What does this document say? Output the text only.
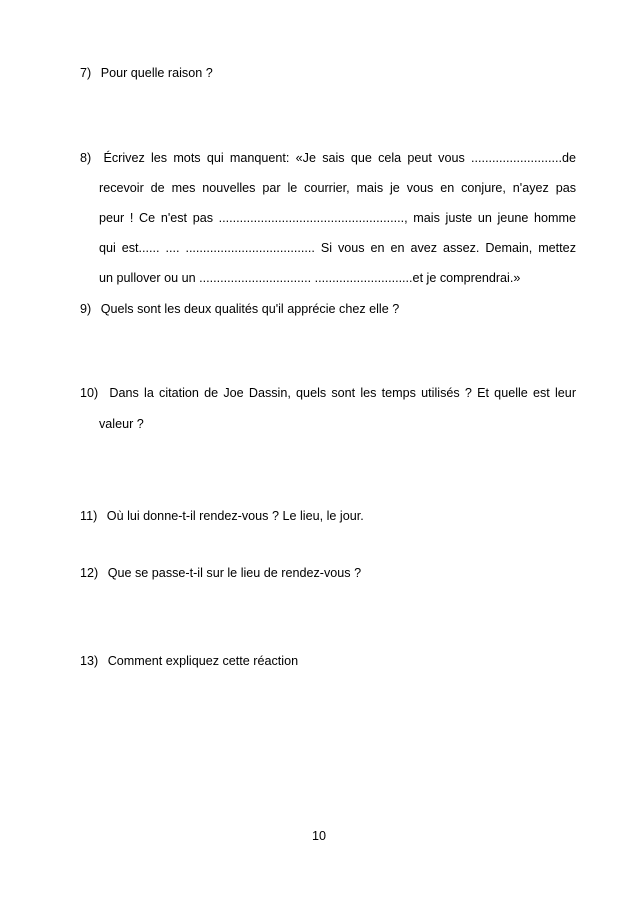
7) Pour quelle raison ?
8) Écrivez les mots qui manquent: «Je sais que cela peut vous ..........................de
recevoir de mes nouvelles par le courrier, mais je vous en conjure, n'ayez pas
peur ! Ce n'est pas ....................................................., mais juste un jeune homme
qui est...... .... ..................................... Si vous en en avez assez. Demain, mettez
un pullover ou un ................................ ............................et je comprendrai.»
9) Quels sont les deux qualités qu'il apprécie chez elle ?
10) Dans la citation de Joe Dassin, quels sont les temps utilisés ? Et quelle est leur
valeur ?
11) Où lui donne-t-il rendez-vous ? Le lieu, le jour.
12) Que se passe-t-il sur le lieu de rendez-vous ?
13) Comment expliquez cette réaction
10
